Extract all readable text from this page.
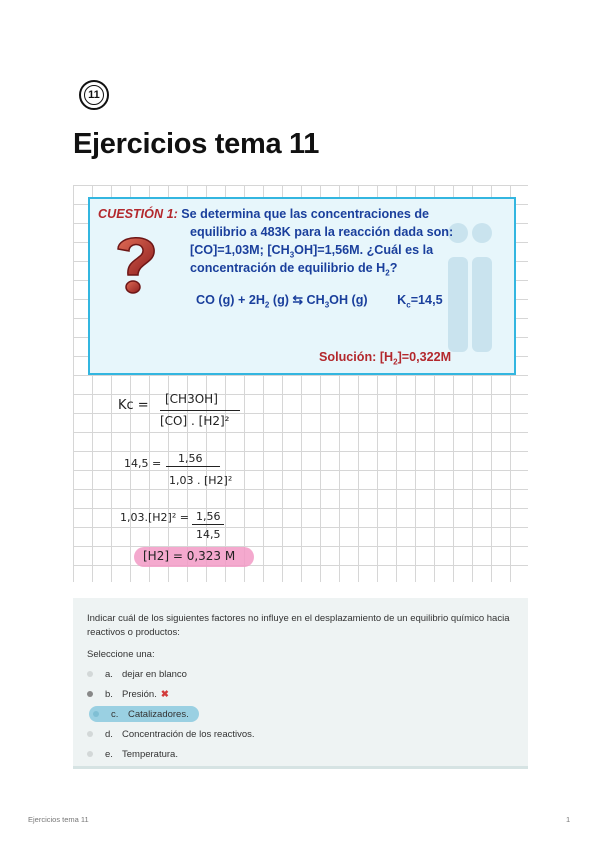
11
Ejercicios tema 11
CUESTIÓN 1: Se determina que las concentraciones de
equilibrio a 483K para la reacción dada son:
[CO]=1,03M; $[CH_3OH]=1,56M$. ¿Cuál es la
concentración de equilibrio de $H_2$?
CO $(g) + 2H_2$ (g) ⇆ $CH_3OH$ (g) $K_c=14,5$
Solución: $[H_2]=0,322M$
Kc = [CH3OH]
[CO] . [H2]²
14,5 = 1,56
1,03 . [H2]²
1,03.[H2]² = 1,56
14,5
[H2] = 0,323 M
Indicar cuál de los siguientes factores no influye en el desplazamiento de un equilibrio químico hacia reactivos o productos:
Seleccione una:
a. dejar en blanco
b. Presión. ✖
c.	Catalizadores.
d. Concentración de los reactivos.
e. Temperatura.
Ejercicios tema 11	1
